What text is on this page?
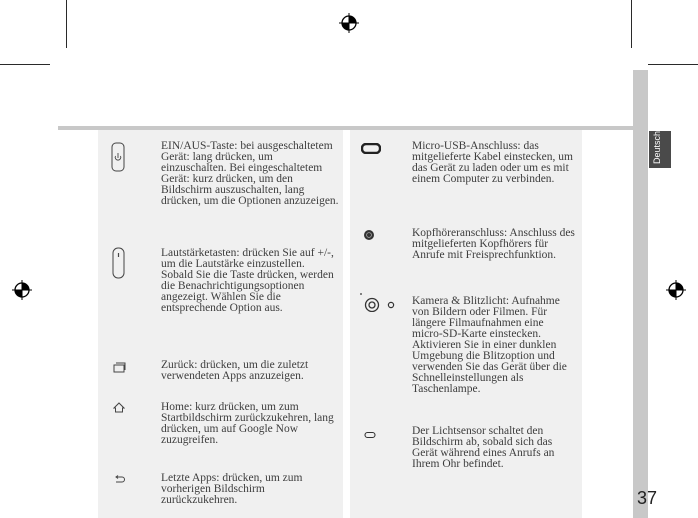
Deutsch
EIN/AUS-Taste: bei ausgeschaltetem Gerät: lang drücken, um einzuschalten. Bei eingeschaltetem Gerät: kurz drücken, um den Bildschirm auszuschalten, lang drücken, um die Optionen anzuzeigen.
Lautstärketasten: drücken Sie auf +/-, um die Lautstärke einzustellen. Sobald Sie die Taste drücken, werden die Benachrichtigungsoptionen angezeigt. Wählen Sie die entsprechende Option aus.
Zurück: drücken, um die zuletzt verwendeten Apps anzuzeigen.
Home: kurz drücken, um zum Startbildschirm zurückzukehren, lang drücken, um auf Google Now zuzugreifen.
Letzte Apps: drücken, um zum vorherigen Bildschirm zurückzukehren.
Micro-USB-Anschluss: das mitgelieferte Kabel einstecken, um das Gerät zu laden oder um es mit einem Computer zu verbinden.
Kopfhöreranschluss: Anschluss des mitgelieferten Kopfhörers für Anrufe mit Freisprechfunktion.
Kamera & Blitzlicht: Aufnahme von Bildern oder Filmen. Für längere Filmaufnahmen eine micro-SD-Karte einstecken. Aktivieren Sie in einer dunklen Umgebung die Blitzoption und verwenden Sie das Gerät über die Schnelleinstellungen als Taschenlampe.
Der Lichtsensor schaltet den Bildschirm ab, sobald sich das Gerät während eines Anrufs an Ihrem Ohr befindet.
37
